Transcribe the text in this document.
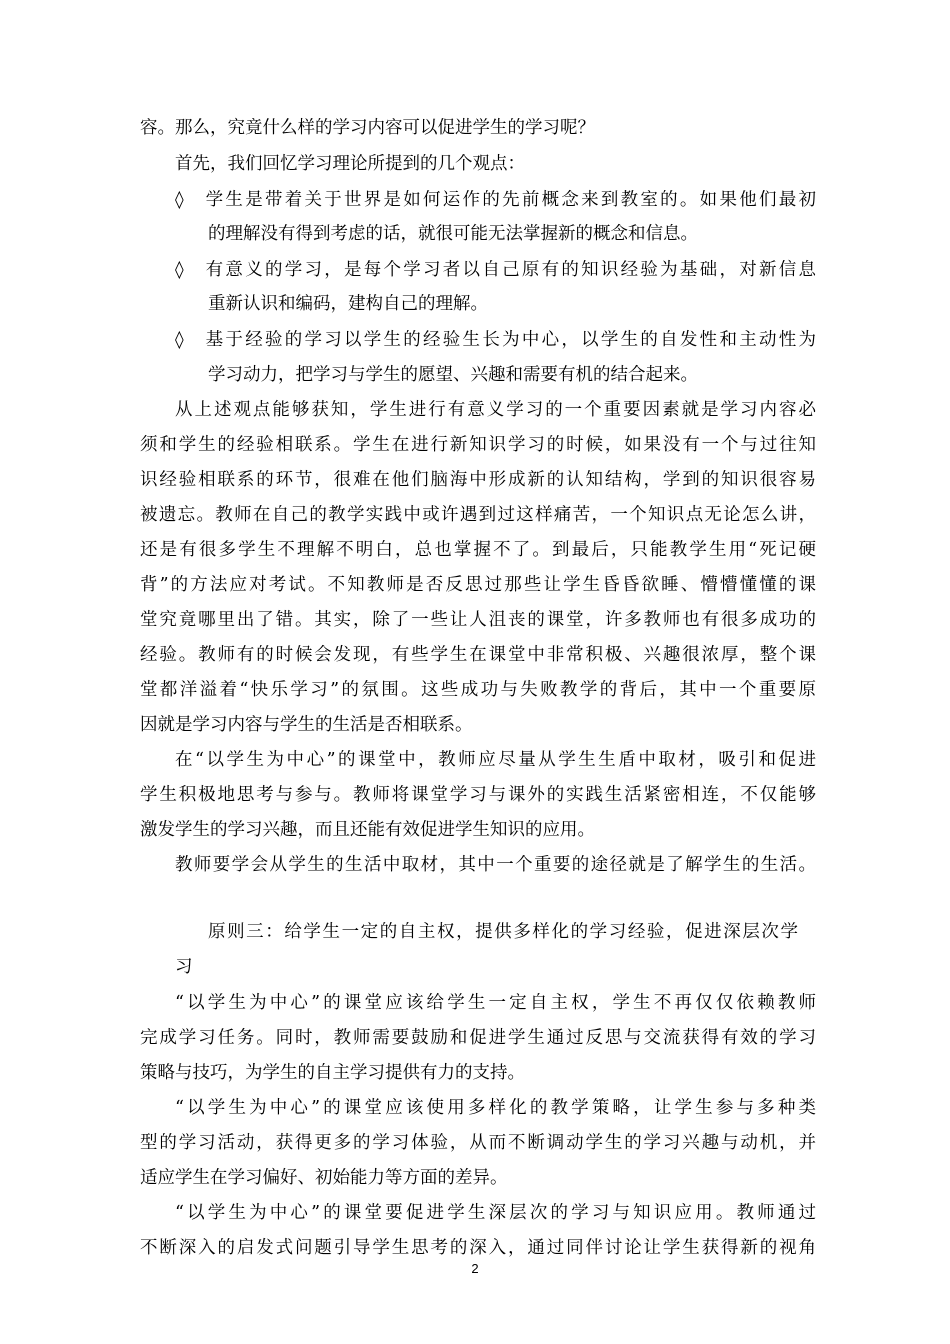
容。那么，究竟什么样的学习内容可以促进学生的学习呢？
首先，我们回忆学习理论所提到的几个观点：
◊　学生是带着关于世界是如何运作的先前概念来到教室的。如果他们最初
的理解没有得到考虑的话，就很可能无法掌握新的概念和信息。
◊　有意义的学习，是每个学习者以自己原有的知识经验为基础，对新信息
重新认识和编码，建构自己的理解。
◊　基于经验的学习以学生的经验生长为中心，以学生的自发性和主动性为
学习动力，把学习与学生的愿望、兴趣和需要有机的结合起来。
从上述观点能够获知，学生进行有意义学习的一个重要因素就是学习内容必
须和学生的经验相联系。学生在进行新知识学习的时候，如果没有一个与过往知
识经验相联系的环节，很难在他们脑海中形成新的认知结构，学到的知识很容易
被遗忘。教师在自己的教学实践中或许遇到过这样痛苦，一个知识点无论怎么讲，
还是有很多学生不理解不明白，总也掌握不了。到最后，只能教学生用“死记硬
背”的方法应对考试。不知教师是否反思过那些让学生昏昏欲睡、懵懵懂懂的课
堂究竟哪里出了错。其实，除了一些让人沮丧的课堂，许多教师也有很多成功的
经验。教师有的时候会发现，有些学生在课堂中非常积极、兴趣很浓厚，整个课
堂都洋溢着“快乐学习”的氛围。这些成功与失败教学的背后，其中一个重要原
因就是学习内容与学生的生活是否相联系。
在“以学生为中心”的课堂中，教师应尽量从学生生盾中取材，吸引和促进
学生积极地思考与参与。教师将课堂学习与课外的实践生活紧密相连，不仅能够
激发学生的学习兴趣，而且还能有效促进学生知识的应用。
教师要学会从学生的生活中取材，其中一个重要的途径就是了解学生的生活。
原则三：给学生一定的自主权，提供多样化的学习经验，促进深层次学
习
“以学生为中心”的课堂应该给学生一定自主权，学生不再仅仅依赖教师
完成学习任务。同时，教师需要鼓励和促进学生通过反思与交流获得有效的学习
策略与技巧，为学生的自主学习提供有力的支持。
“以学生为中心”的课堂应该使用多样化的教学策略，让学生参与多种类
型的学习活动，获得更多的学习体验，从而不断调动学生的学习兴趣与动机，并
适应学生在学习偏好、初始能力等方面的差异。
“以学生为中心”的课堂要促进学生深层次的学习与知识应用。教师通过
不断深入的启发式问题引导学生思考的深入，通过同伴讨论让学生获得新的视角
2
